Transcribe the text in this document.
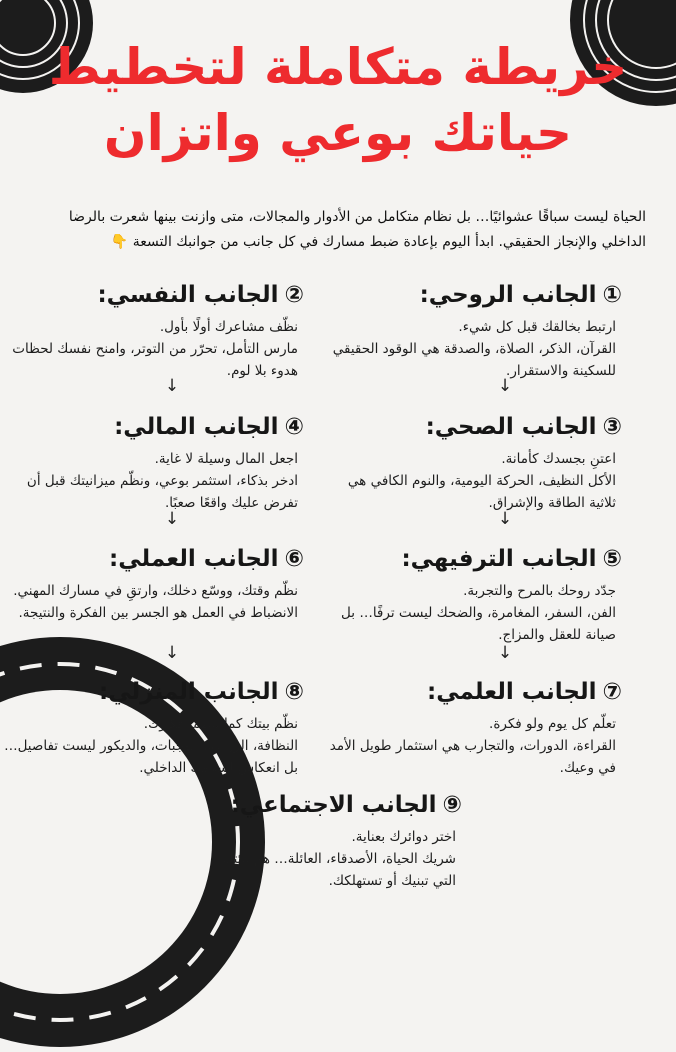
خريطة متكاملة لتخطيط
حياتك بوعي واتزان
الحياة ليست سباقًا عشوائيًا… بل نظام متكامل من الأدوار والمجالات، متى وازنت بينها شعرت بالرضا الداخلي والإنجاز الحقيقي. ابدأ اليوم بإعادة ضبط مسارك في كل جانب من جوانبك التسعة 👇
①الجانب الروحي:

ارتبط بخالقك قبل كل شيء.

القرآن، الذكر، الصلاة، والصدقة هي الوقود الحقيقي للسكينة والاستقرار.

↓
③الجانب الصحي:

اعتنِ بجسدك كأمانة.

الأكل النظيف، الحركة اليومية، والنوم الكافي هي ثلاثية الطاقة والإشراق.

↓
⑤الجانب الترفيهي:

جدّد روحك بالمرح والتجربة.

الفن، السفر، المغامرة، والضحك ليست ترفًا… بل صيانة للعقل والمزاج.

↓
⑦الجانب العلمي:

تعلّم كل يوم ولو فكرة.

القراءة، الدورات، والتجارب هي استثمار طويل الأمد في وعيك.

②الجانب النفسي:

نظّف مشاعرك أولًا بأول.

مارس التأمل، تحرّر من التوتر، وامنح نفسك لحظات هدوء بلا لوم.

↓
④الجانب المالي:

اجعل المال وسيلة لا غاية.

ادخر بذكاء، استثمر بوعي، ونظّم ميزانيتك قبل أن تفرض عليك واقعًا صعبًا.

↓
⑥الجانب العملي:

نظّم وقتك، ووسّع دخلك، وارتقِ في مسارك المهني.

الانضباط في العمل هو الجسر بين الفكرة والنتيجة.

↓
⑧الجانب المنزلي:

نظّم بيتك كما تنظّم أفكارك.

النظافة، الزراعة، الوجبات، والديكور ليست تفاصيل… بل انعكاس لسلامك الداخلي.

⑨الجانب الاجتماعي:

اختر دوائرك بعناية.

شريك الحياة، الأصدقاء، العائلة… هم بيئتك التي تبنيك أو تستهلكك.
